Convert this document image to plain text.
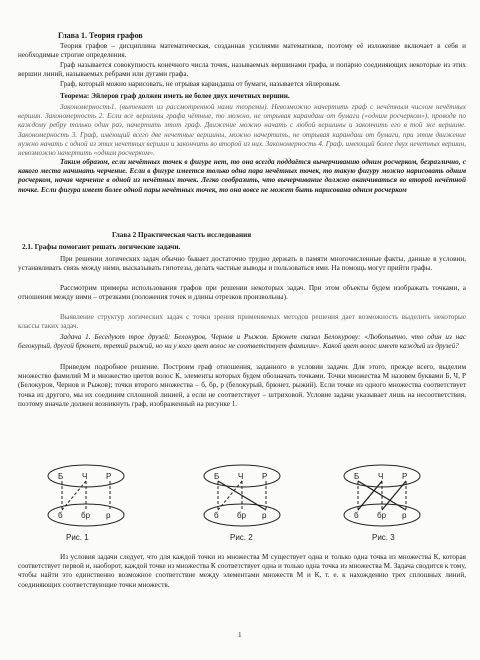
Глава 1. Теория графов
Теория графов – дисциплина математическая, созданная усилиями математиков, поэтому её изложение включает в себя и необходимые строгие определения.
Граф называется совокупность конечного числа точек, называемых вершинами графа, и попарно соединяющих некоторые из этих вершин линий, называемых ребрами или дугами графа.
Граф, который можно нарисовать, не отрывая карандаша от бумаги, называется эйлеровым.
Теорема: Эйлеров граф должен иметь не более двух нечетных вершин.
Закономерность1. (вытекает из рассмотренной нами теоремы). Невозможно начертить граф с нечётным числом нечётных вершин. Закономерность 2. Если все вершины графа чётные, то можно, не отрывая карандаш от бумаги («одним росчерком»), проводя по каждому ребру только один раз, начертить этот граф. Движение можно начать с любой вершины и закончить его в той же вершине. Закономерность 3. Граф, имеющий всего две нечетные вершины, можно начертить, не отрывая карандаш от бумаги, при этом движение нужно начать с одной из этих нечетных вершин и закончить во второй из них. Закономерность 4. Граф, имеющий более двух нечетных вершин, невозможно начертить «одним росчерком».
Таким образом, если нечётных точек в фигуре нет, то она всегда поддаётся вычерчиванию одним росчерком, безразлично, с какого места начинать черчение. Если в фигуре имеется только одна пара нечётных точек, то такую фигуру можно нарисовать одним росчерком, начав черчение в одной из нечётных точек. Легко сообразить, что вычерчивание должно оканчиваться во второй нечётной точке. Если фигура имеет более одной пары нечётных точек, то она вовсе не может быть нарисована одним росчерком
Глава 2 Практическая часть исследования
2.1. Графы помогают решать логические задачи.
При решении логических задач обычно бывает достаточно трудно держать в памяти многочисленные факты, данные в условии, устанавливать связь между ними, высказывать гипотезы, делать частные выводы и пользоваться ими. На помощь могут прийти графы.
Рассмотрим примеры использования графов при решении некоторых задач. При этом объекты будем изображать точками, а отношения между ними – отрезками (положения точек и длины отрезков произвольны).
Выявление структур логических задач с точки зрения применяемых методов решения дает возможность выделить некоторые классы таких задач.
Задача 1. Беседуют трое друзей: Белокуров, Чернов и Рыжов. Брюнет сказал Белокурову: «Любопытно, что один из нас белокурый, другой брюнет, третий рыжий, но ни у кого цвет волос не соответствует фамилии». Какой цвет волос имеет каждый из друзей?
Приведем подробное решение. Построим граф отношения, заданного в условии задачи. Для этого, прежде всего, выделим множество фамилий М и множество цветов волос К, элементы которых будем обозначать точками. Точки множества М назовем буквами Б, Ч, Р (Белокуров, Чернов и Рыжов); точки второго множества – б, бр, р (белокурый, брюнет, рыжий). Если точке из одного множества соответствует точка из другого, мы их соединим сплошной линией, а если не соответствует – штриховой. Условие задачи указывает лишь на несоответствия, поэтому вначале должен возникнуть граф, изображенный на рисунке 1.
Б Ч Р
б бр р
Рис. 1
Б Ч Р
б бр р
Рис. 2
Б Ч Р
б бр р
Рис. 3
Из условия задачи следует, что для каждой точки из множества М существует одна и только одна точка из множества К, которая соответствует первой и, наоборот, каждой точке из множества К соответствует одна и только одна точка из множества М. Задача сводится к тому, чтобы найти это единственно возможное соответствие между элементами множеств М и К, т. е. к нахождению трех сплошных линий, соединяющих соответствующие точки множеств.
1
